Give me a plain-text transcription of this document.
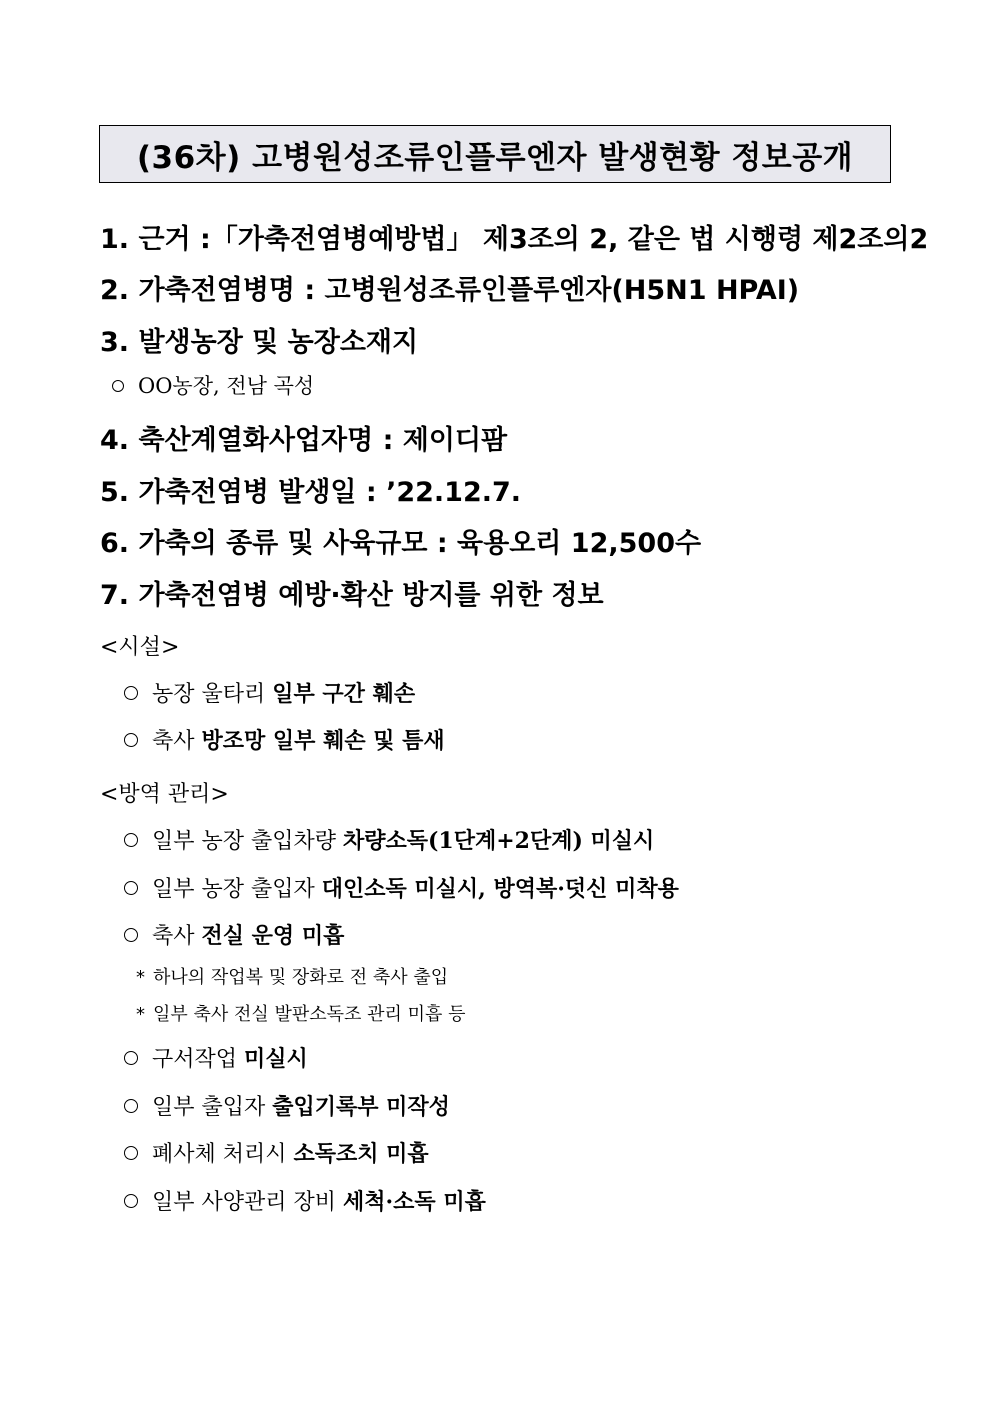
(36차) 고병원성조류인플루엔자 발생현황 정보공개
1. 근거 :「가축전염병예방법」 제3조의 2, 같은 법 시행령 제2조의2
2. 가축전염병명 : 고병원성조류인플루엔자(H5N1 HPAI)
3. 발생농장 및 농장소재지
OO농장, 전남 곡성
4. 축산계열화사업자명 : 제이디팜
5. 가축전염병 발생일 : ’22.12.7.
6. 가축의 종류 및 사육규모 : 육용오리 12,500수
7. 가축전염병 예방·확산 방지를 위한 정보
<시설>
농장 울타리 일부 구간 훼손
축사 방조망 일부 훼손 및 틈새
<방역 관리>
일부 농장 출입차량 차량소독(1단계+2단계) 미실시
일부 농장 출입자 대인소독 미실시, 방역복·덧신 미착용
축사 전실 운영 미흡
* 하나의 작업복 및 장화로 전 축사 출입
* 일부 축사 전실 발판소독조 관리 미흡 등
구서작업 미실시
일부 출입자 출입기록부 미작성
폐사체 처리시 소독조치 미흡
일부 사양관리 장비 세척·소독 미흡
